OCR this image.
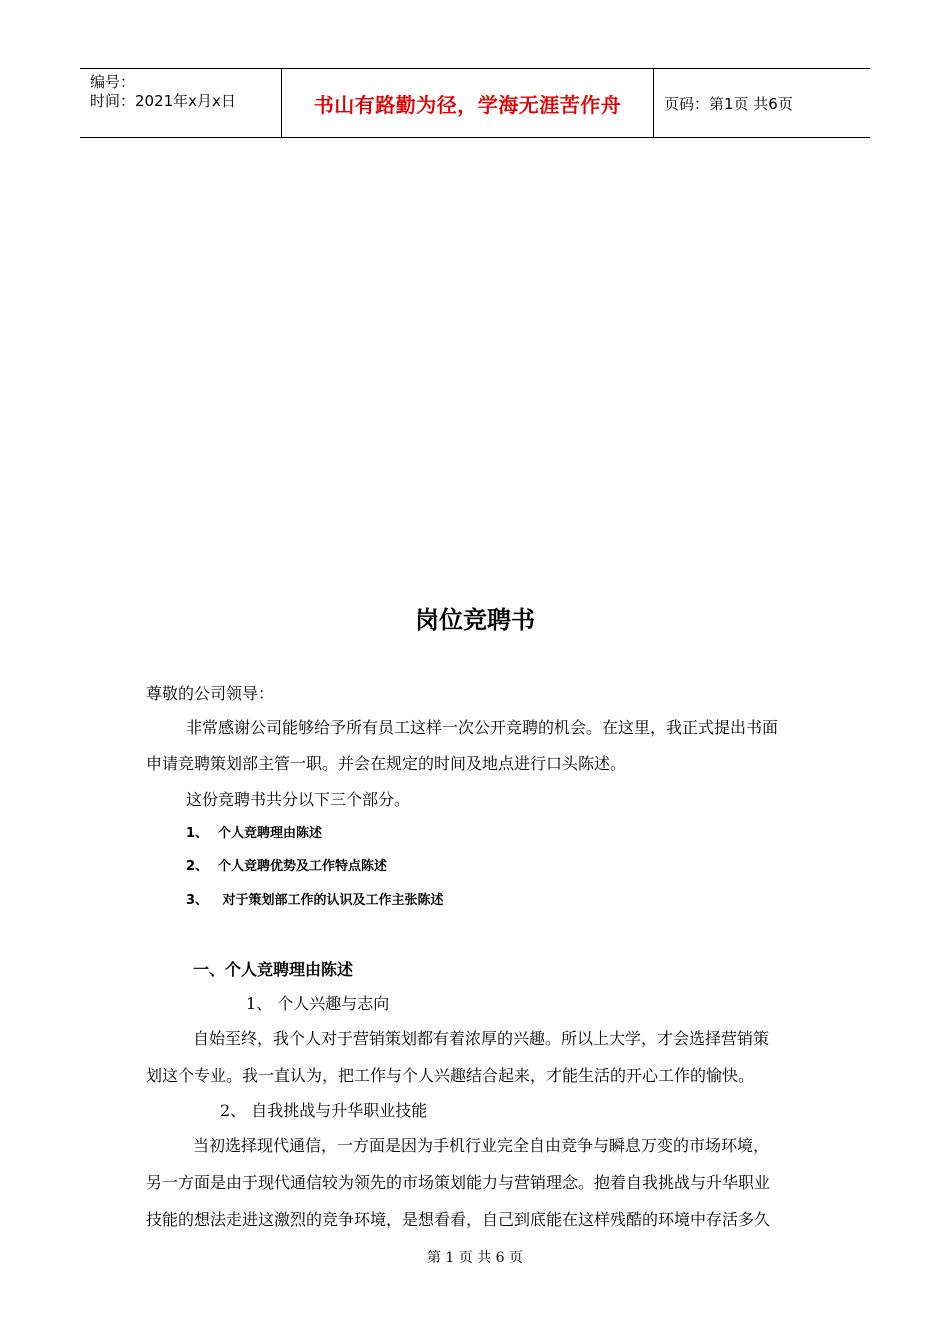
编号：
时间：2021年x月x日	书山有路勤为径，学海无涯苦作舟	页码：第1页 共6页
岗位竞聘书
尊敬的公司领导：
非常感谢公司能够给予所有员工这样一次公开竞聘的机会。在这里，我正式提出书面
申请竞聘策划部主管一职。并会在规定的时间及地点进行口头陈述。
这份竞聘书共分以下三个部分。
1、 个人竞聘理由陈述
2、 个人竞聘优势及工作特点陈述
3、 对于策划部工作的认识及工作主张陈述
一、个人竞聘理由陈述
1、 个人兴趣与志向
自始至终，我个人对于营销策划都有着浓厚的兴趣。所以上大学，才会选择营销策
划这个专业。我一直认为，把工作与个人兴趣结合起来，才能生活的开心工作的愉快。
2、 自我挑战与升华职业技能
当初选择现代通信，一方面是因为手机行业完全自由竞争与瞬息万变的市场环境，
另一方面是由于现代通信较为领先的市场策划能力与营销理念。抱着自我挑战与升华职业
技能的想法走进这激烈的竞争环境，是想看看，自己到底能在这样残酷的环境中存活多久
第 1 页 共 6 页
